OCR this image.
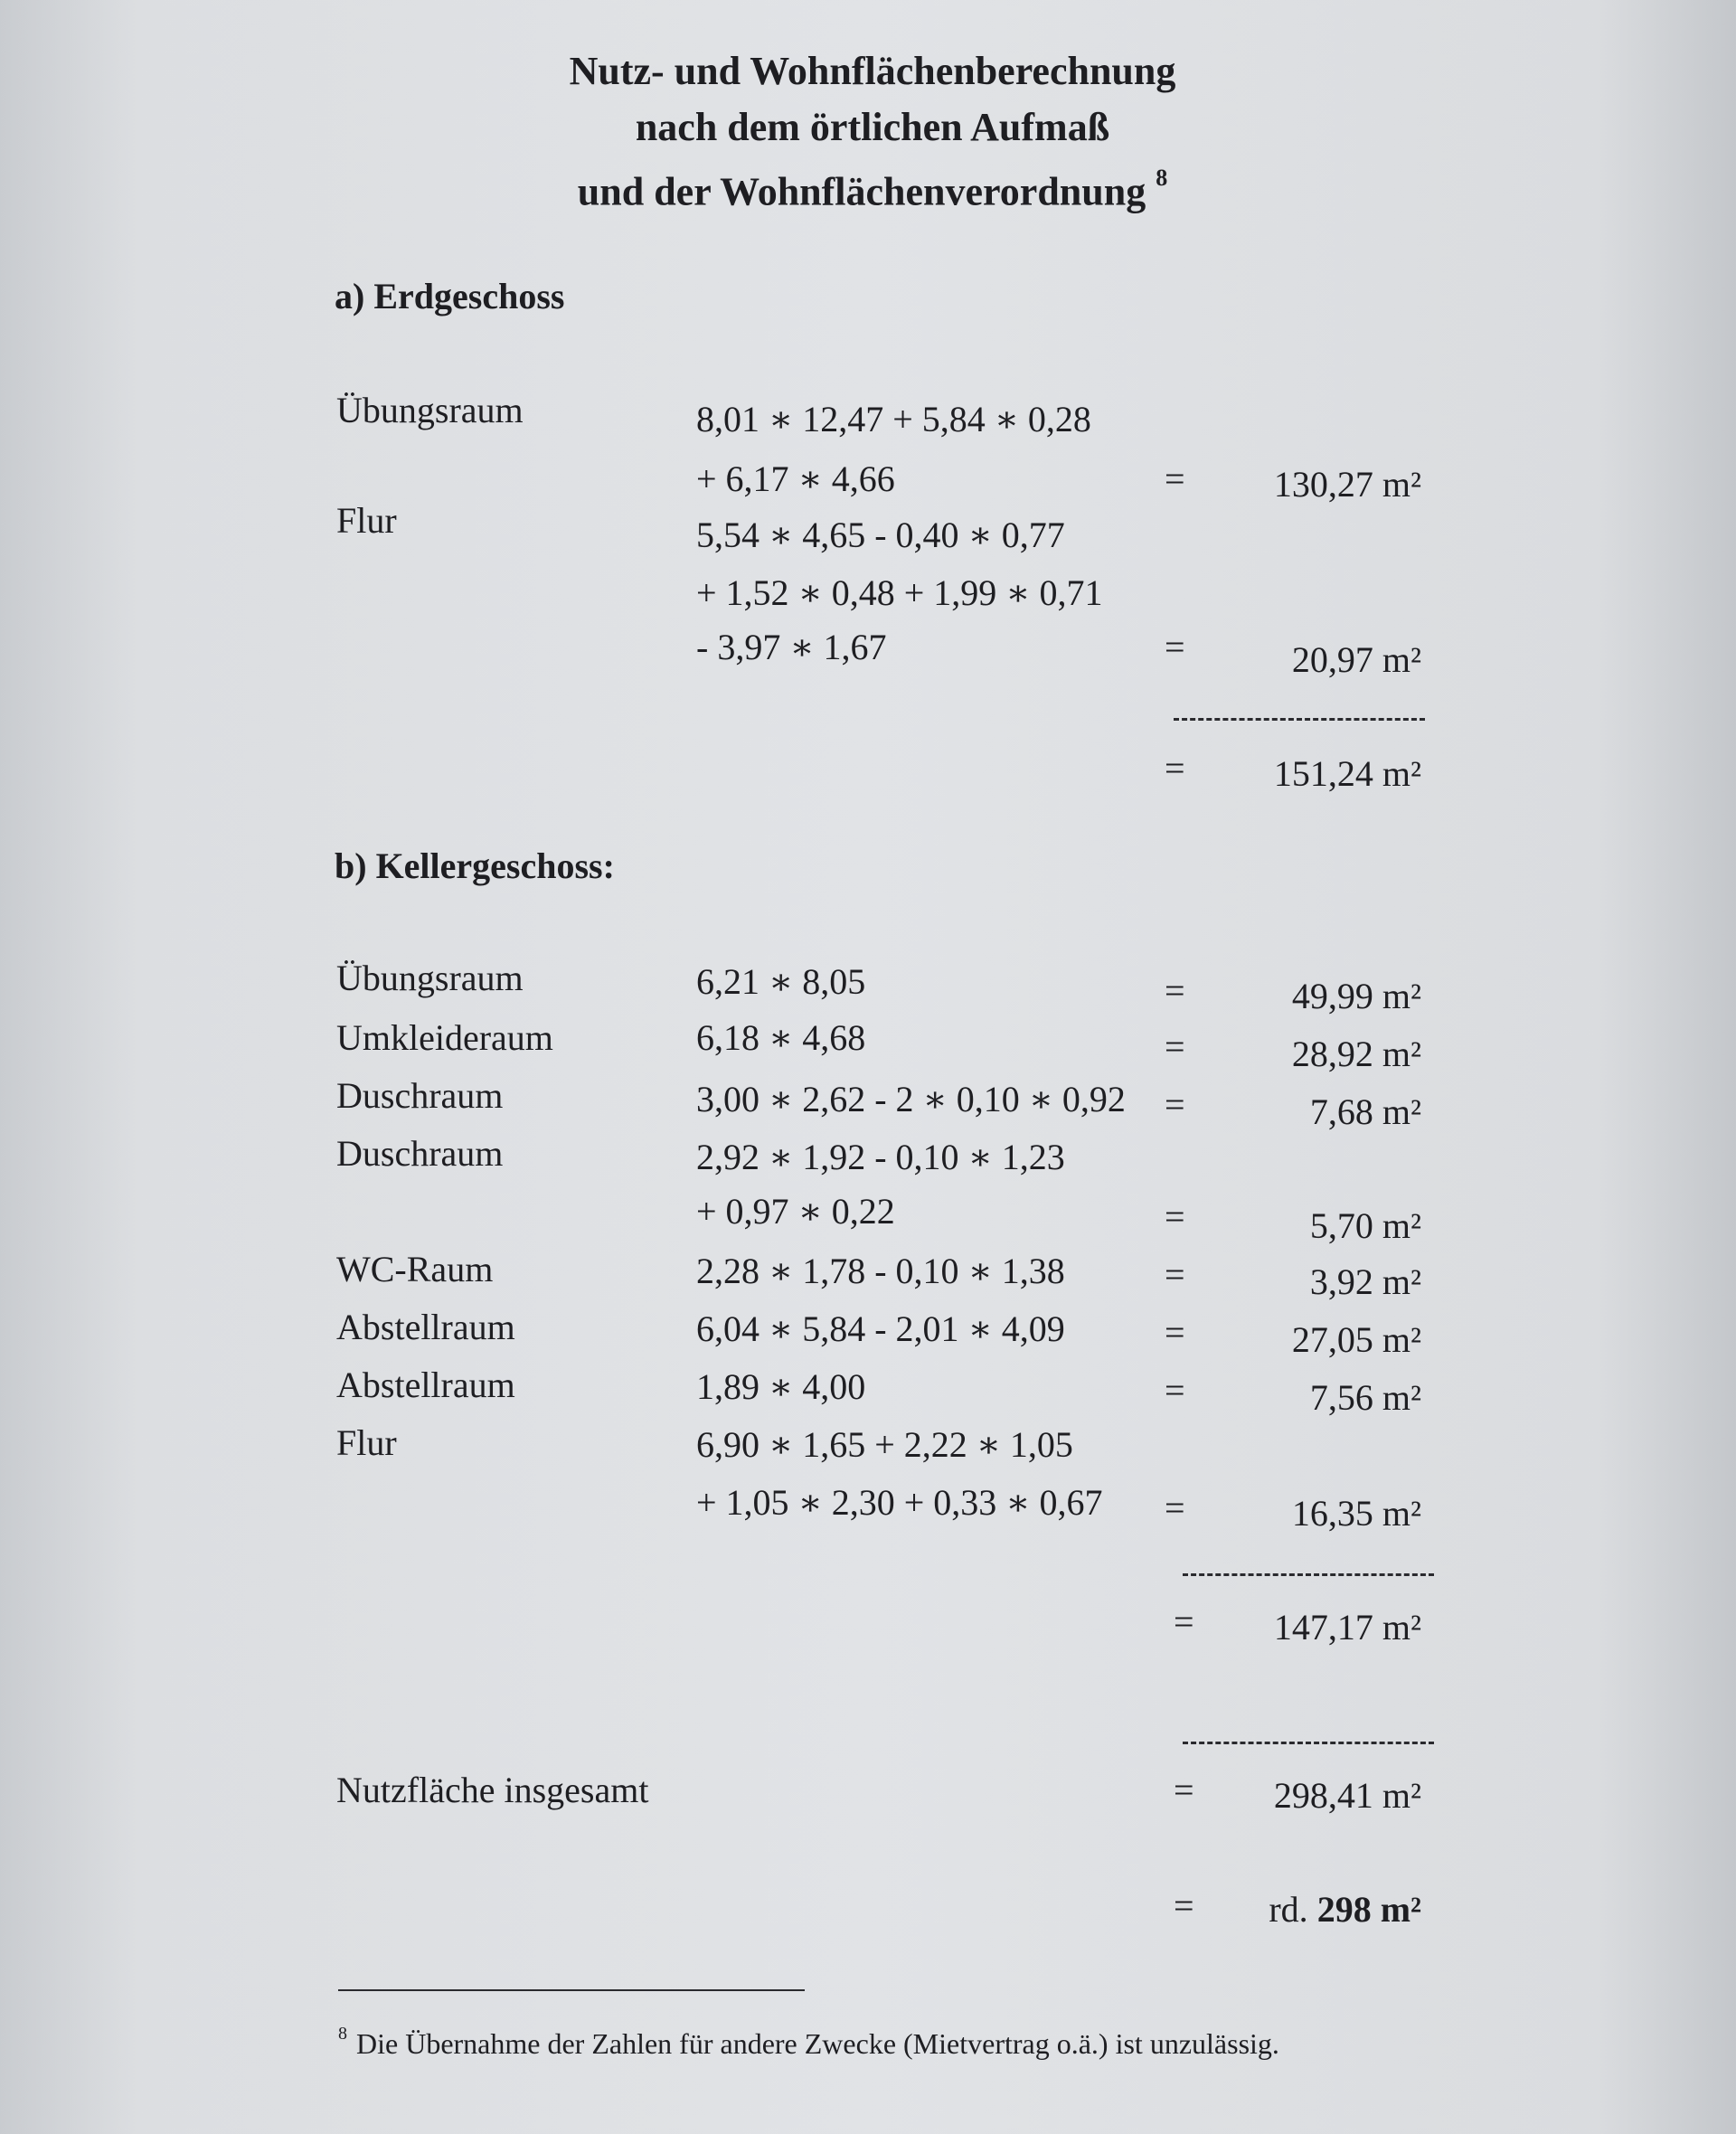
Nutz- und Wohnflächenberechnung
nach dem örtlichen Aufmaß
und der Wohnflächenverordnung $^8$
a) Erdgeschoss
Übungsraum	8,01 ∗ 12,47 + 5,84 ∗ 0,28
+ 6,17 ∗ 4,66	= 130,27 m²
Flur	5,54 ∗ 4,65 - 0,40 ∗ 0,77
+ 1,52 ∗ 0,48 + 1,99 ∗ 0,71
- 3,97 ∗ 1,67	=	20,97 m²
= 151,24 m²
b) Kellergeschoss:
Übungsraum	6,21 ∗ 8,05	=	49,99 m²
Umkleideraum	6,18 ∗ 4,68	=	28,92 m²
Duschraum	3,00 ∗ 2,62 - 2 ∗ 0,10 ∗ 0,92 =	7,68 m²
Duschraum	2,92 ∗ 1,92 - 0,10 ∗ 1,23
+ 0,97 ∗ 0,22	=	5,70 m²
WC-Raum	2,28 ∗ 1,78 - 0,10 ∗ 1,38	=	3,92 m²
Abstellraum	6,04 ∗ 5,84 - 2,01 ∗ 4,09	=	27,05 m²
Abstellraum	1,89 ∗ 4,00	=	7,56 m²
Flur	6,90 ∗ 1,65 + 2,22 ∗ 1,05
+ 1,05 ∗ 2,30 + 0,33 ∗ 0,67 =	16,35 m²
= 147,17 m²
Nutzfläche insgesamt	= 298,41 m²
= rd. 298 m²
$^8$ Die Übernahme der Zahlen für andere Zwecke (Mietvertrag o.ä.) ist unzulässig.
